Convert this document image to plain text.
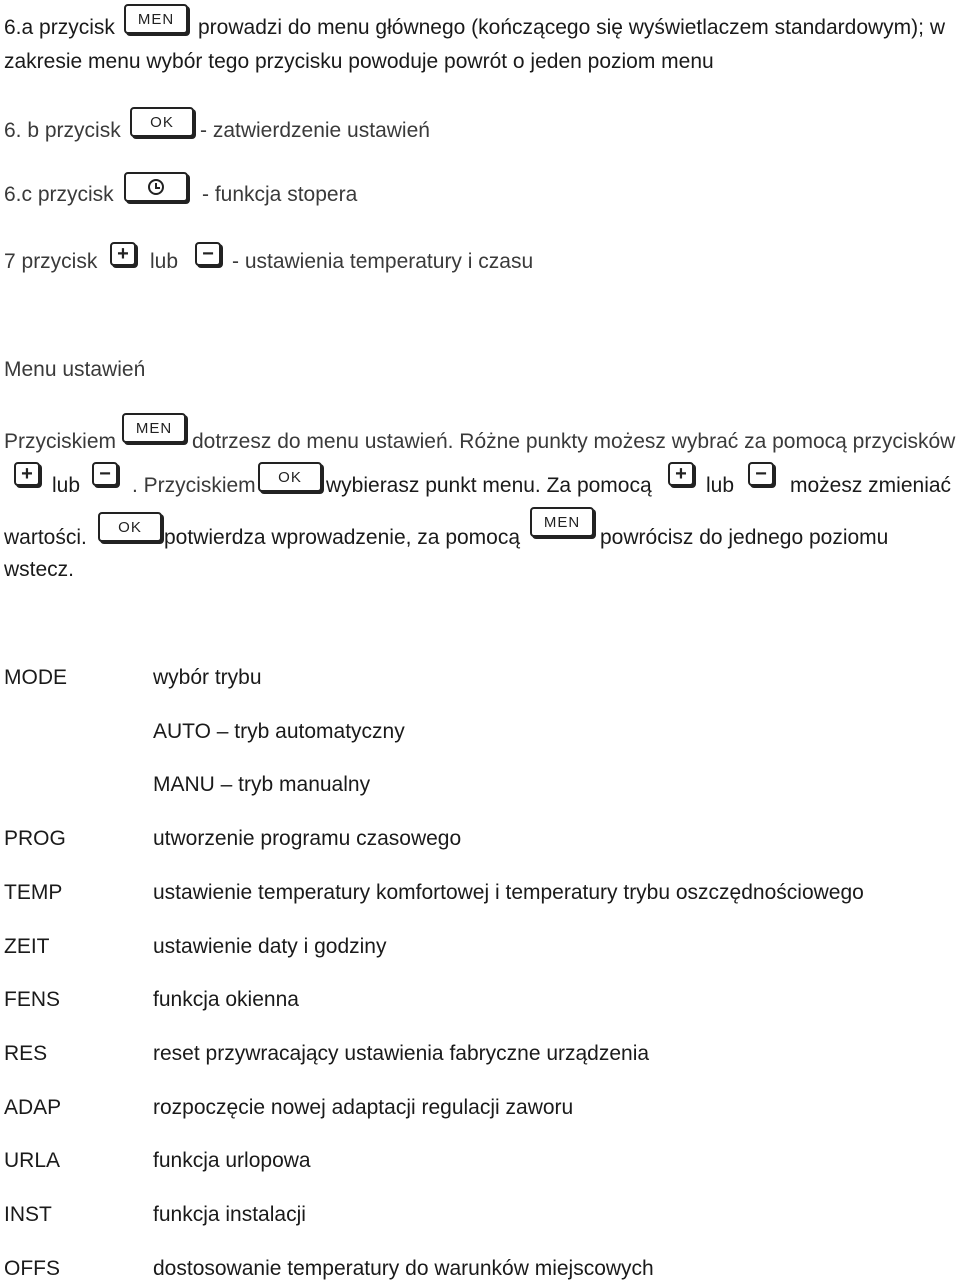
6.a przycisk MEN prowadzi do menu głównego (kończącego się wyświetlaczem standardowym); w
zakresie menu wybór tego przycisku powoduje powrót o jeden poziom menu
6. b przycisk OK - zatwierdzenie ustawień
6.c przycisk	- funkcja stopera
7 przycisk + lub − - ustawienia temperatury i czasu
Menu ustawień
Przyciskiem
MEN
dotrzesz do menu ustawień. Różne punkty możesz wybrać za pomocą przycisków
+ lub − . Przyciskiem OK wybierasz punkt menu. Za pomocą + lub − możesz zmieniać
wartości. OK potwierdza wprowadzenie, za pomocą
MEN
powrócisz do jednego poziomu
wstecz.
MODE	wybór trybu
AUTO – tryb automatyczny
MANU – tryb manualny
PROG	utworzenie programu czasowego
TEMP	ustawienie temperatury komfortowej i temperatury trybu oszczędnościowego
ZEIT	ustawienie daty i godziny
FENS	funkcja okienna
RES	reset przywracający ustawienia fabryczne urządzenia
ADAP	rozpoczęcie nowej adaptacji regulacji zaworu
URLA	funkcja urlopowa
INST	funkcja instalacji
OFFS	dostosowanie temperatury do warunków miejscowych
